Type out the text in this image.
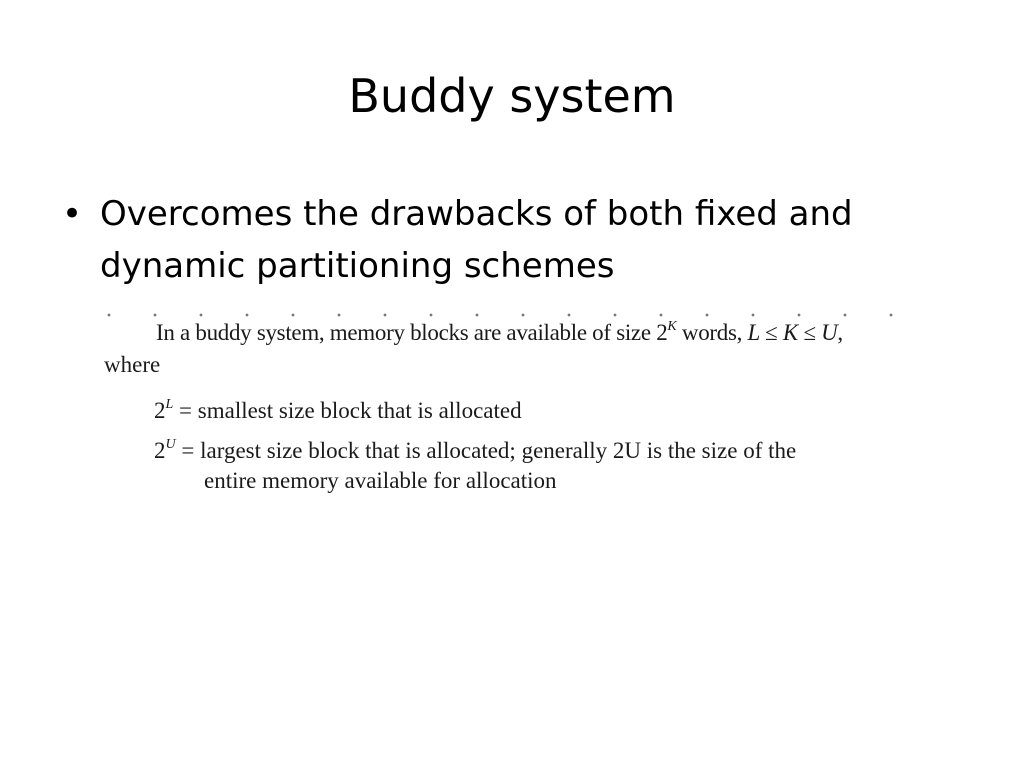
Buddy system
• Overcomes the drawbacks of both fixed and dynamic partitioning schemes
In a buddy system, memory blocks are available of size $2^K$ words, L ≤ K ≤ U,
where
$2^L$ = smallest size block that is allocated
$2^U$ = largest size block that is allocated; generally 2U is the size of the
entire memory available for allocation
